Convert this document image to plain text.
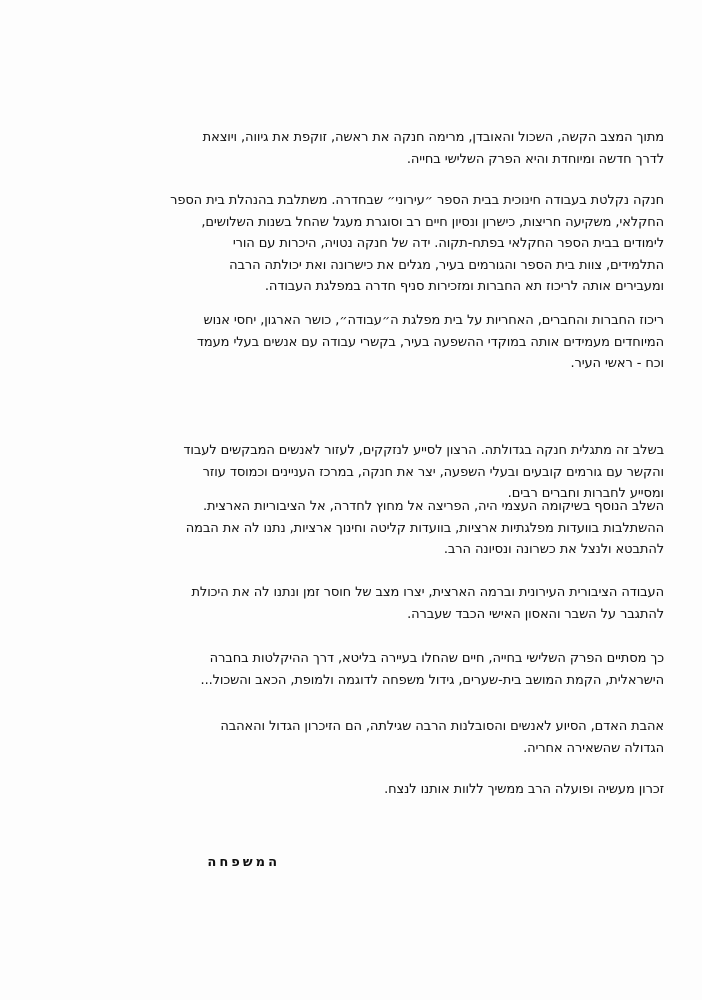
מתוך המצב הקשה, השכול והאובדן, מרימה חנקה את ראשה, זוקפת את גיווה, ויוצאת
לדרך חדשה ומיוחדת והיא הפרק השלישי בחייה.
חנקה נקלטת בעבודה חינוכית בבית הספר ״עירוני״ שבחדרה. משתלבת בהנהלת בית הספר
החקלאי, משקיעה חריצות, כישרון ונסיון חיים רב וסוגרת מעגל שהחל בשנות השלושים,
לימודים בבית הספר החקלאי בפתח-תקוה. ידה של חנקה נטויה, היכרות עם הורי
התלמידים, צוות בית הספר והגורמים בעיר, מגלים את כישרונה ואת יכולתה הרבה
ומעבירים אותה לריכוז תא החברות ומזכירות סניף חדרה במפלגת העבודה.
ריכוז החברות והחברים, האחריות על בית מפלגת ה״עבודה״, כושר הארגון, יחסי אנוש
המיוחדים מעמידים אותה במוקדי ההשפעה בעיר, בקשרי עבודה עם אנשים בעלי מעמד
וכח - ראשי העיר.
בשלב זה מתגלית חנקה בגדולתה. הרצון לסייע לנזקקים, לעזור לאנשים המבקשים לעבוד
והקשר עם גורמים קובעים ובעלי השפעה, יצר את חנקה, במרכז העניינים וכמוסד עוזר
ומסייע לחברות וחברים רבים.
השלב הנוסף בשיקומה העצמי היה, הפריצה אל מחוץ לחדרה, אל הציבוריות הארצית.
ההשתלבות בוועדות מפלגתיות ארציות, בוועדות קליטה וחינוך ארציות, נתנו לה את הבמה
להתבטא ולנצל את כשרונה ונסיונה הרב.
העבודה הציבורית העירונית וברמה הארצית, יצרו מצב של חוסר זמן ונתנו לה את היכולת
להתגבר על השבר והאסון האישי הכבד שעברה.
כך מסתיים הפרק השלישי בחייה, חיים שהחלו בעיירה בליטא, דרך ההיקלטות בחברה
הישראלית, הקמת המושב בית-שערים, גידול משפחה לדוגמה ולמופת, הכאב והשכול...
אהבת האדם, הסיוע לאנשים והסובלנות הרבה שגילתה, הם הזיכרון הגדול והאהבה
הגדולה שהשאירה אחריה.
זכרון מעשיה ופועלה הרב ממשיך ללוות אותנו לנצח.
המשפחה
